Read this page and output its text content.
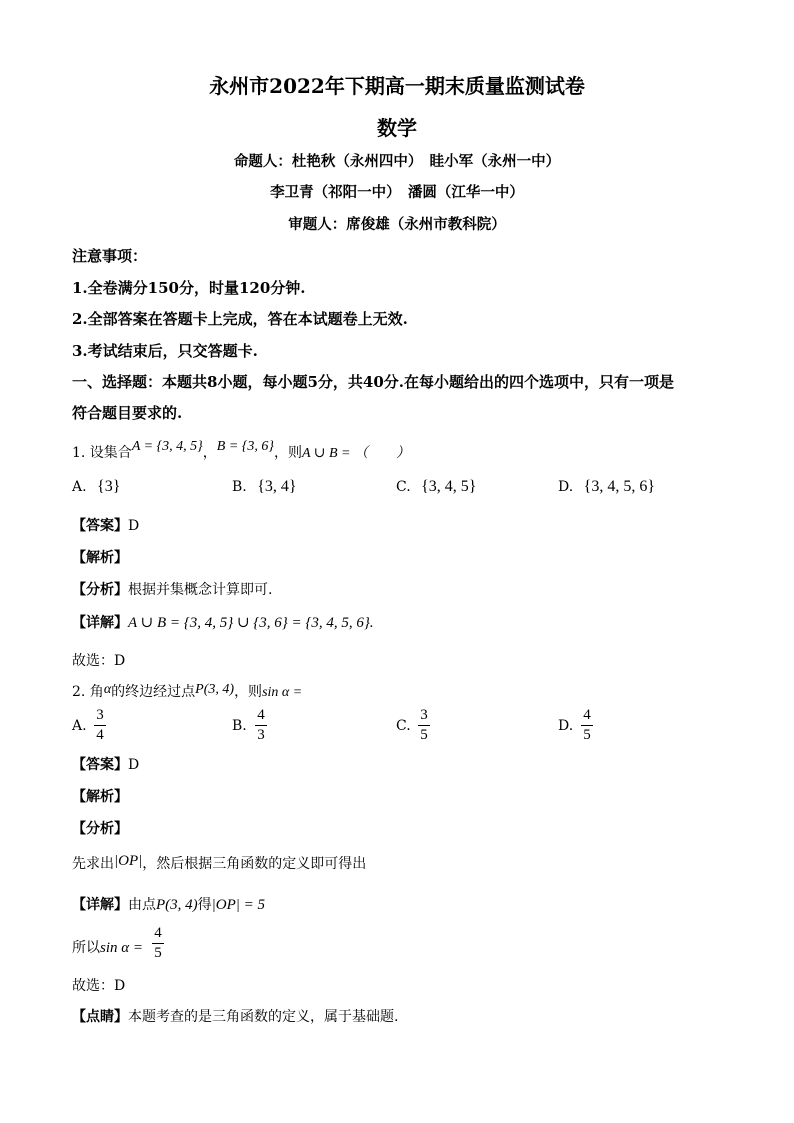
永州市2022年下期高一期末质量监测试卷
数学
命题人：杜艳秋（永州四中）　眭小军（永州一中）
李卫青（祁阳一中）　潘圆（江华一中）
审题人：席俊雄（永州市教科院）
注意事项：
1.全卷满分150分，时量120分钟.
2.全部答案在答题卡上完成，答在本试题卷上无效.
3.考试结束后，只交答题卡.
一、选择题：本题共8小题，每小题5分，共40分.在每小题给出的四个选项中，只有一项是
符合题目要求的.
1. 设集合A = {3, 4, 5}，B = {3, 6}，则A ∪ B = （　　）
A. {3}	B. {3, 4}	C. {3, 4, 5}	D. {3, 4, 5, 6}
【答案】D
【解析】
【分析】根据并集概念计算即可.
【详解】A ∪ B = {3, 4, 5} ∪ {3, 6} = {3, 4, 5, 6}.
故选：D
2. 角α的终边经过点P(3, 4)，则sin α =
A.
3
4
B.
4
3
C.
3
5
D.
4
5
【答案】D
【解析】
【分析】
先求出|OP|，然后根据三角函数的定义即可得出
【详解】由点P(3, 4)得|OP| = 5
所以sin α =
4
5
故选：D
【点睛】本题考查的是三角函数的定义，属于基础题.
